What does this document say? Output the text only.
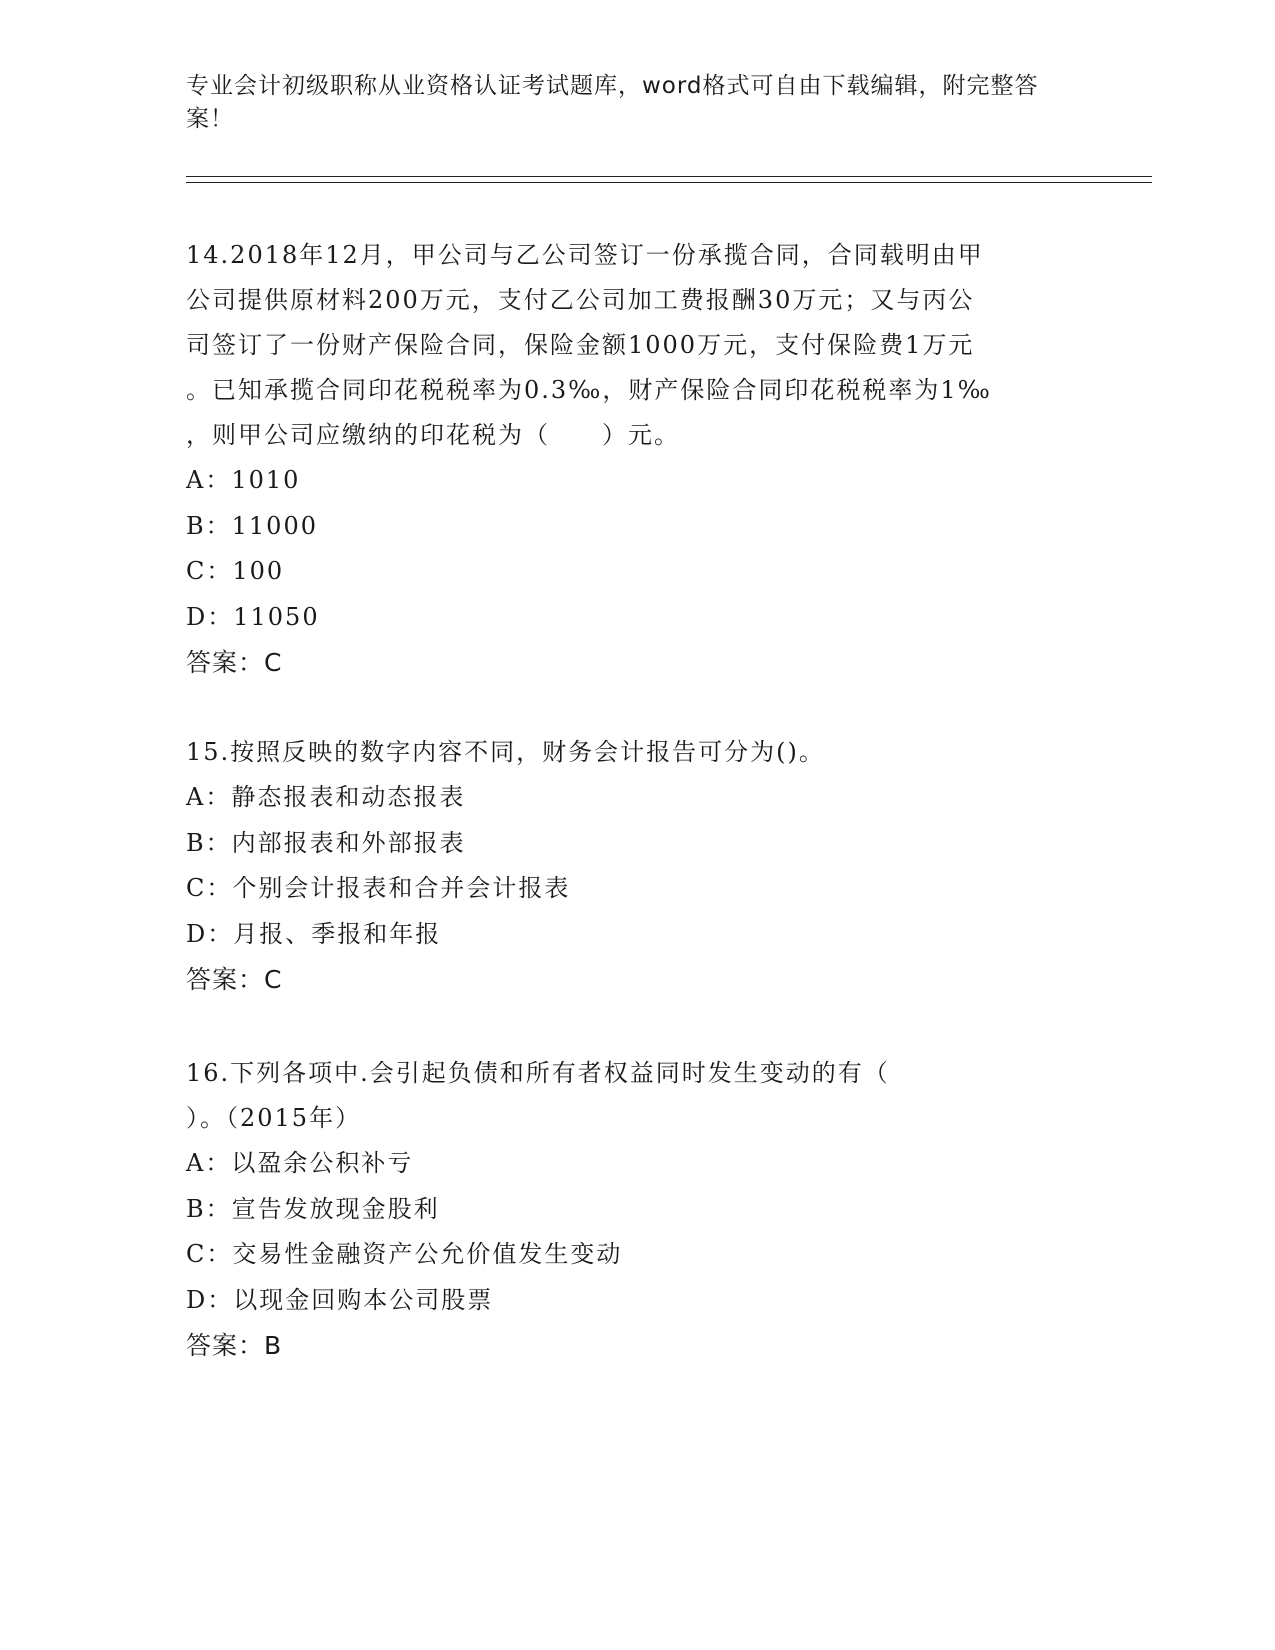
专业会计初级职称从业资格认证考试题库，word格式可自由下载编辑，附完整答案！
14.2018年12月，甲公司与乙公司签订一份承揽合同，合同载明由甲
公司提供原材料200万元，支付乙公司加工费报酬30万元；又与丙公
司签订了一份财产保险合同，保险金额1000万元，支付保险费1万元
。已知承揽合同印花税税率为0.3‰，财产保险合同印花税税率为1‰
，则甲公司应缴纳的印花税为（　　）元。
A：1010
B：11000
C：100
D：11050
答案：C
15.按照反映的数字内容不同，财务会计报告可分为()。
A：静态报表和动态报表
B：内部报表和外部报表
C：个别会计报表和合并会计报表
D：月报、季报和年报
答案：C
16.下列各项中.会引起负债和所有者权益同时发生变动的有（
）。（2015年）
A：以盈余公积补亏
B：宣告发放现金股利
C：交易性金融资产公允价值发生变动
D：以现金回购本公司股票
答案：B
